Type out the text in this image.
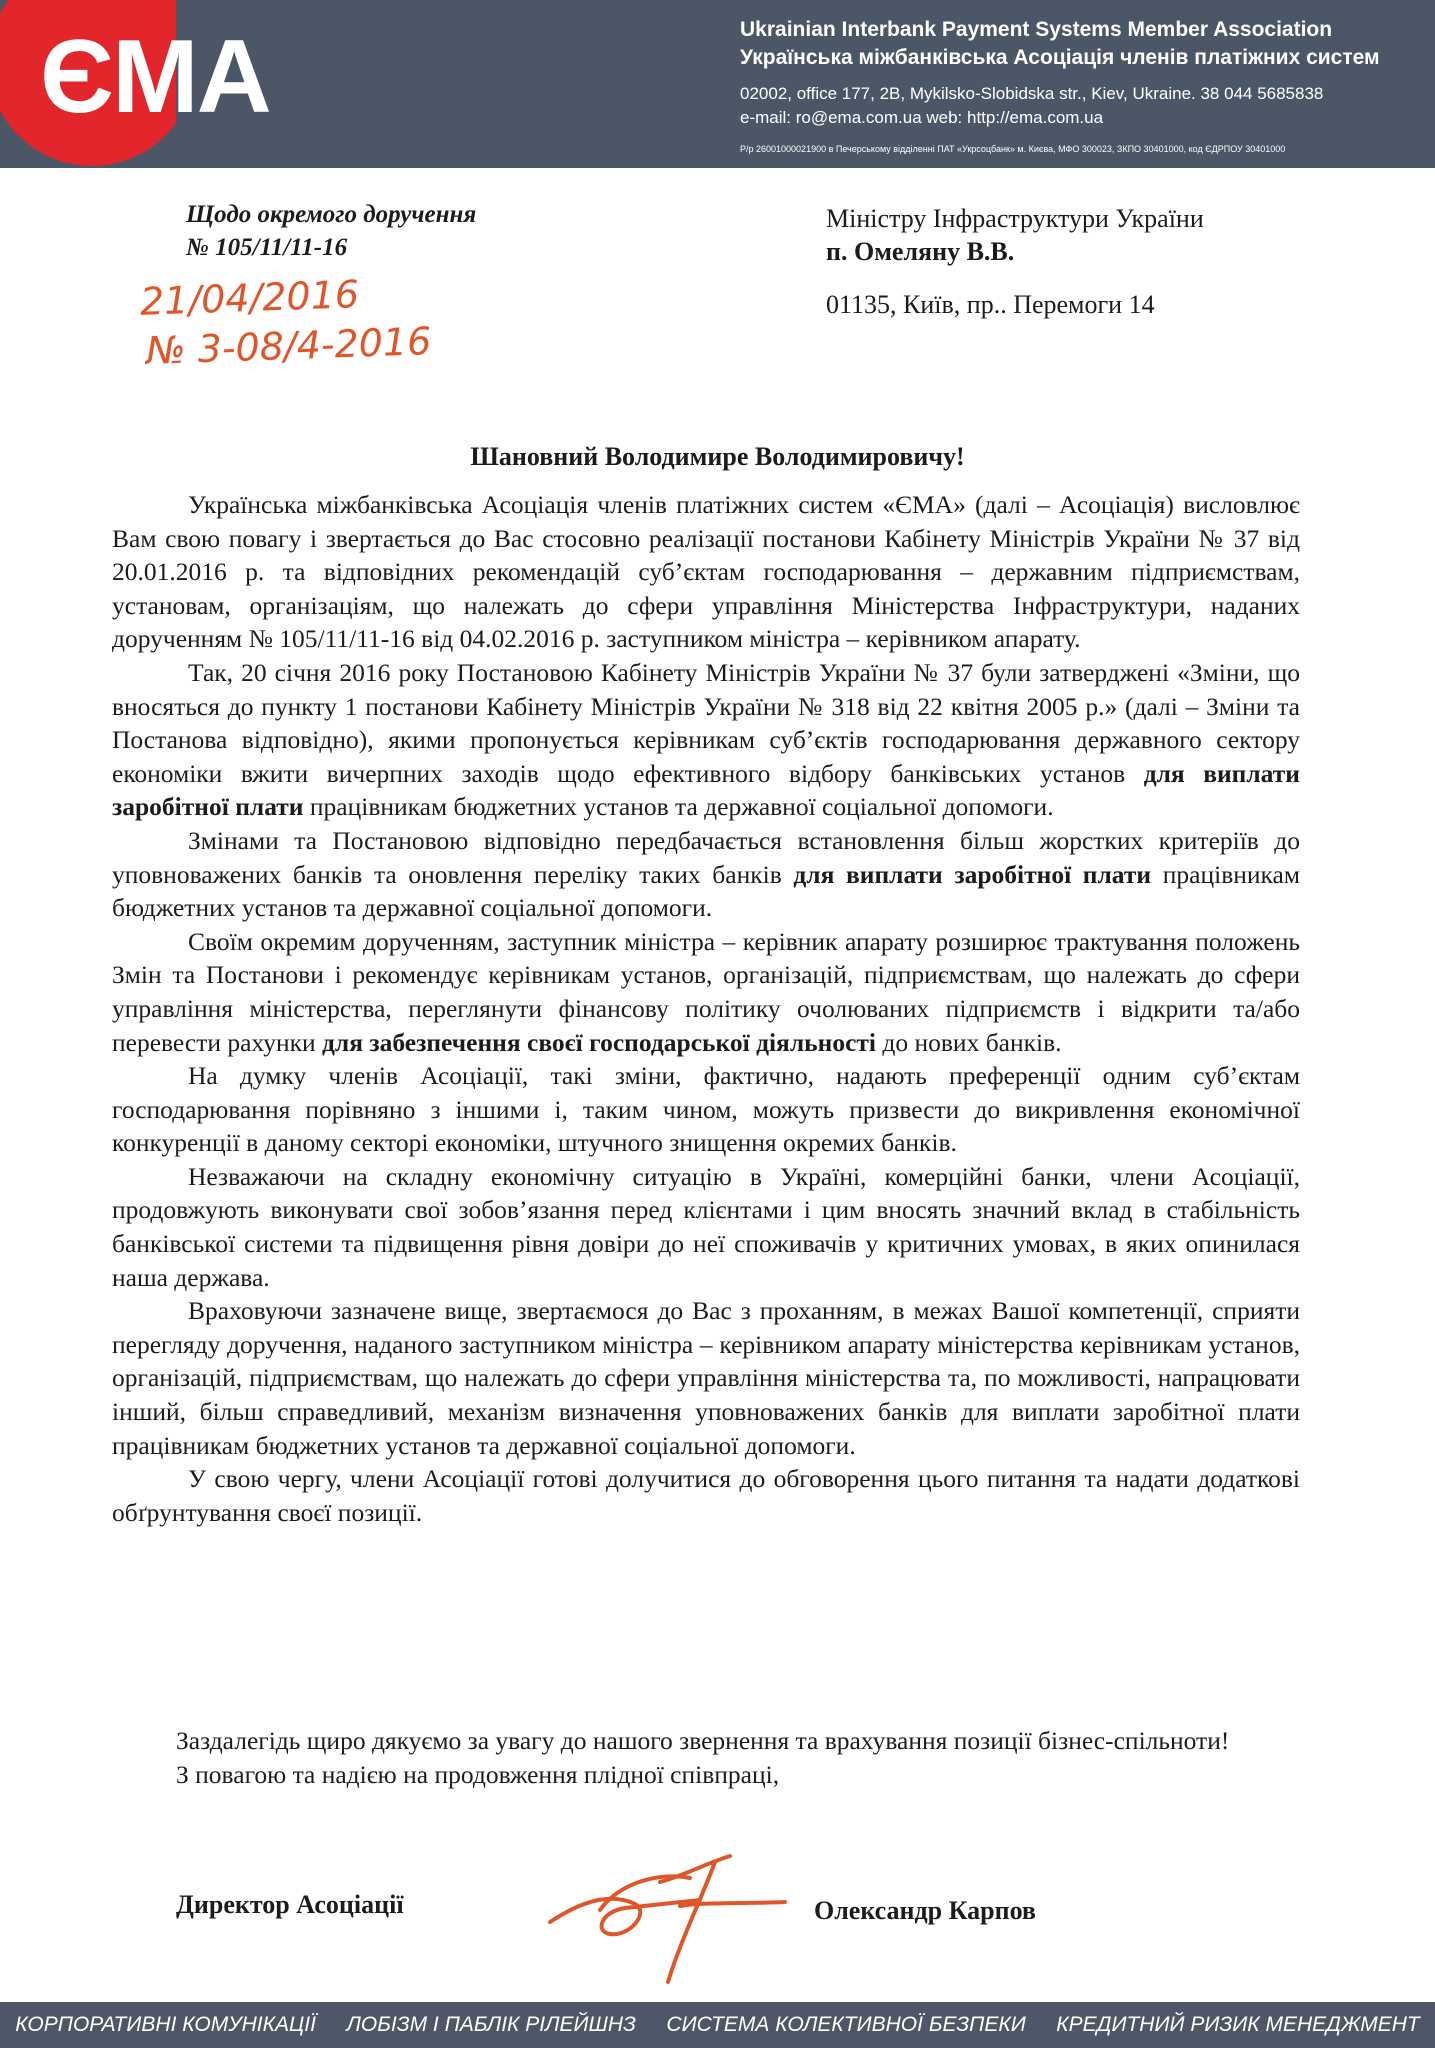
ЄМА	Ukrainian Interbank Payment Systems Member Association
Українська міжбанківська Асоціація членів платіжних систем
02002, office 177, 2B, Mykilsko-Slobidska str., Kiev, Ukraine. 38 044 5685838
e-mail: ro@ema.com.ua web: http://ema.com.ua
Р/р 26001000021900 в Печерському відділенні ПАТ «Укрсоцбанк» м. Києва, МФО 300023, ЗКПО 30401000, код ЄДРПОУ 30401000
Щодо окремого доручення
№ 105/11/11-16
21/04/2016
№ 3-08/4-2016
Міністру Інфраструктури України
п. Омеляну В.В.
01135, Київ, пр.. Перемоги 14
Шановний Володимире Володимировичу!

Українська міжбанківська Асоціація членів платіжних систем «ЄМА» (далі – Асоціація) висловлює Вам свою повагу і звертається до Вас стосовно реалізації постанови Кабінету Міністрів України № 37 від 20.01.2016 р. та відповідних рекомендацій суб’єктам господарювання – державним підприємствам, установам, організаціям, що належать до сфери управління Міністерства Інфраструктури, наданих дорученням № 105/11/11-16 від 04.02.2016 р. заступником міністра – керівником апарату.

Так, 20 січня 2016 року Постановою Кабінету Міністрів України № 37 були затверджені «Зміни, що вносяться до пункту 1 постанови Кабінету Міністрів України № 318 від 22 квітня 2005 р.» (далі – Зміни та Постанова відповідно), якими пропонується керівникам суб’єктів господарювання державного сектору економіки вжити вичерпних заходів щодо ефективного відбору банківських установ для виплати заробітної плати працівникам бюджетних установ та державної соціальної допомоги.

Змінами та Постановою відповідно передбачається встановлення більш жорстких критеріїв до уповноважених банків та оновлення переліку таких банків для виплати заробітної плати працівникам бюджетних установ та державної соціальної допомоги.

Своїм окремим дорученням, заступник міністра – керівник апарату розширює трактування положень Змін та Постанови і рекомендує керівникам установ, організацій, підприємствам, що належать до сфери управління міністерства, переглянути фінансову політику очолюваних підприємств і відкрити та/або перевести рахунки для забезпечення своєї господарської діяльності до нових банків.

На думку членів Асоціації, такі зміни, фактично, надають преференції одним суб’єктам господарювання порівняно з іншими і, таким чином, можуть призвести до викривлення економічної конкуренції в даному секторі економіки, штучного знищення окремих банків.

Незважаючи на складну економічну ситуацію в Україні, комерційні банки, члени Асоціації, продовжують виконувати свої зобов’язання перед клієнтами і цим вносять значний вклад в стабільність банківської системи та підвищення рівня довіри до неї споживачів у критичних умовах, в яких опинилася наша держава.

Враховуючи зазначене вище, звертаємося до Вас з проханням, в межах Вашої компетенції, сприяти перегляду доручення, наданого заступником міністра – керівником апарату міністерства керівникам установ, організацій, підприємствам, що належать до сфери управління міністерства та, по можливості, напрацювати інший, більш справедливий, механізм визначення уповноважених банків для виплати заробітної плати працівникам бюджетних установ та державної соціальної допомоги.

У свою чергу, члени Асоціації готові долучитися до обговорення цього питання та надати додаткові обґрунтування своєї позиції.

Заздалегідь щиро дякуємо за увагу до нашого звернення та врахування позиції бізнес-спільноти!

З повагою та надією на продовження плідної співпраці,

Директор Асоціації	Олександр Карпов
КОРПОРАТИВНІ КОМУНІКАЦІЇ ЛОБІЗМ І ПАБЛІК РІЛЕЙШНЗ СИСТЕМА КОЛЕКТИВНОЇ БЕЗПЕКИ КРЕДИТНИЙ РИЗИК МЕНЕДЖМЕНТ
